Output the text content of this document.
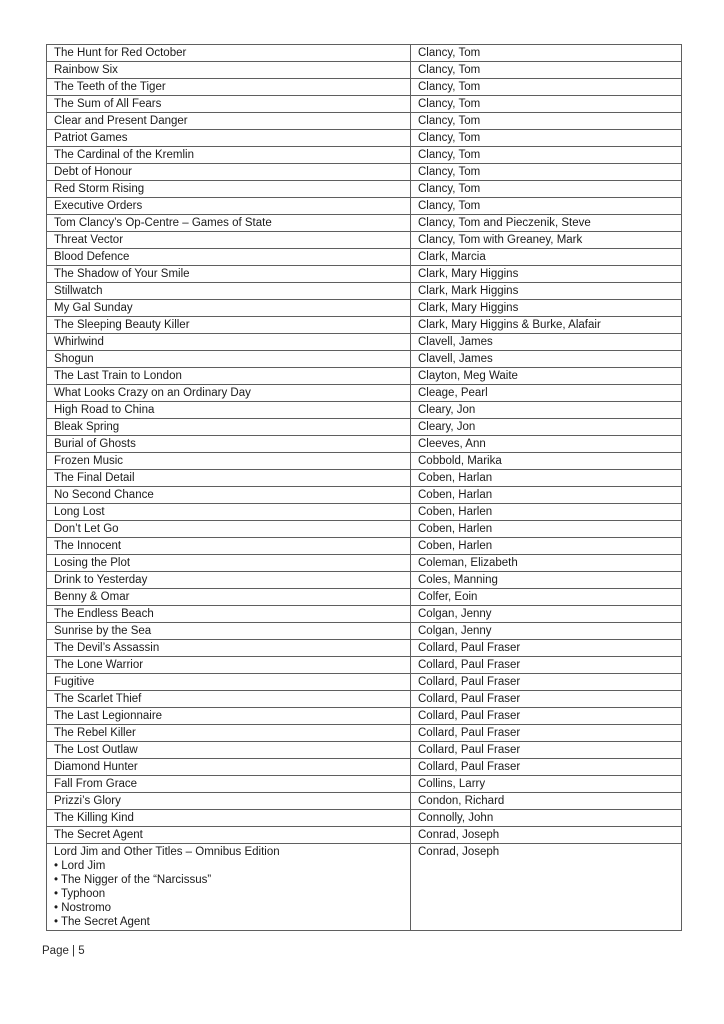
The Hunt for Red October	Clancy, Tom

Rainbow Six	Clancy, Tom

The Teeth of the Tiger	Clancy, Tom

The Sum of All Fears	Clancy, Tom

Clear and Present Danger	Clancy, Tom

Patriot Games	Clancy, Tom

The Cardinal of the Kremlin	Clancy, Tom

Debt of Honour	Clancy, Tom

Red Storm Rising	Clancy, Tom

Executive Orders	Clancy, Tom

Tom Clancy’s Op-Centre – Games of State	Clancy, Tom and Pieczenik, Steve

Threat Vector	Clancy, Tom with Greaney, Mark

Blood Defence	Clark, Marcia

The Shadow of Your Smile	Clark, Mary Higgins

Stillwatch	Clark, Mark Higgins

My Gal Sunday	Clark, Mary Higgins

The Sleeping Beauty Killer	Clark, Mary Higgins & Burke, Alafair

Whirlwind	Clavell, James

Shogun	Clavell, James

The Last Train to London	Clayton, Meg Waite

What Looks Crazy on an Ordinary Day	Cleage, Pearl

High Road to China	Cleary, Jon

Bleak Spring	Cleary, Jon

Burial of Ghosts	Cleeves, Ann

Frozen Music	Cobbold, Marika

The Final Detail	Coben, Harlan

No Second Chance	Coben, Harlan

Long Lost	Coben, Harlen

Don’t Let Go	Coben, Harlen

The Innocent	Coben, Harlen

Losing the Plot	Coleman, Elizabeth

Drink to Yesterday	Coles, Manning

Benny & Omar	Colfer, Eoin

The Endless Beach	Colgan, Jenny

Sunrise by the Sea	Colgan, Jenny

The Devil’s Assassin	Collard, Paul Fraser

The Lone Warrior	Collard, Paul Fraser

Fugitive	Collard, Paul Fraser

The Scarlet Thief	Collard, Paul Fraser

The Last Legionnaire	Collard, Paul Fraser

The Rebel Killer	Collard, Paul Fraser

The Lost Outlaw	Collard, Paul Fraser

Diamond Hunter	Collard, Paul Fraser

Fall From Grace	Collins, Larry

Prizzi’s Glory	Condon, Richard

The Killing Kind	Connolly, John

The Secret Agent	Conrad, Joseph

Lord Jim and Other Titles – Omnibus Edition
• Lord Jim
• The Nigger of the “Narcissus”
• Typhoon
• Nostromo
• The Secret Agent
	Conrad, Joseph
Page | 5
